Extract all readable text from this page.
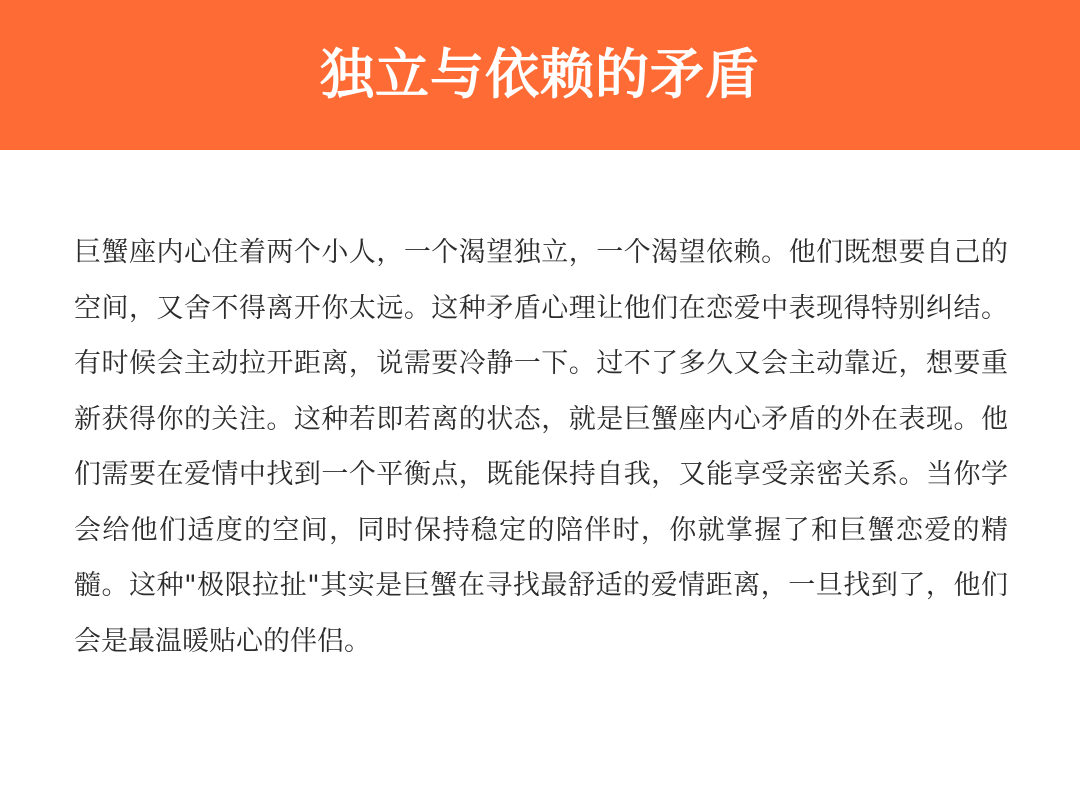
独立与依赖的矛盾

巨蟹座内心住着两个小人，一个渴望独立，一个渴望依赖。他们既想要自己的空间，又舍不得离开你太远。这种矛盾心理让他们在恋爱中表现得特别纠结。有时候会主动拉开距离，说需要冷静一下。过不了多久又会主动靠近，想要重新获得你的关注。这种若即若离的状态，就是巨蟹座内心矛盾的外在表现。他们需要在爱情中找到一个平衡点，既能保持自我，又能享受亲密关系。当你学会给他们适度的空间，同时保持稳定的陪伴时，你就掌握了和巨蟹恋爱的精髓。这种"极限拉扯"其实是巨蟹在寻找最舒适的爱情距离，一旦找到了，他们会是最温暖贴心的伴侣。
